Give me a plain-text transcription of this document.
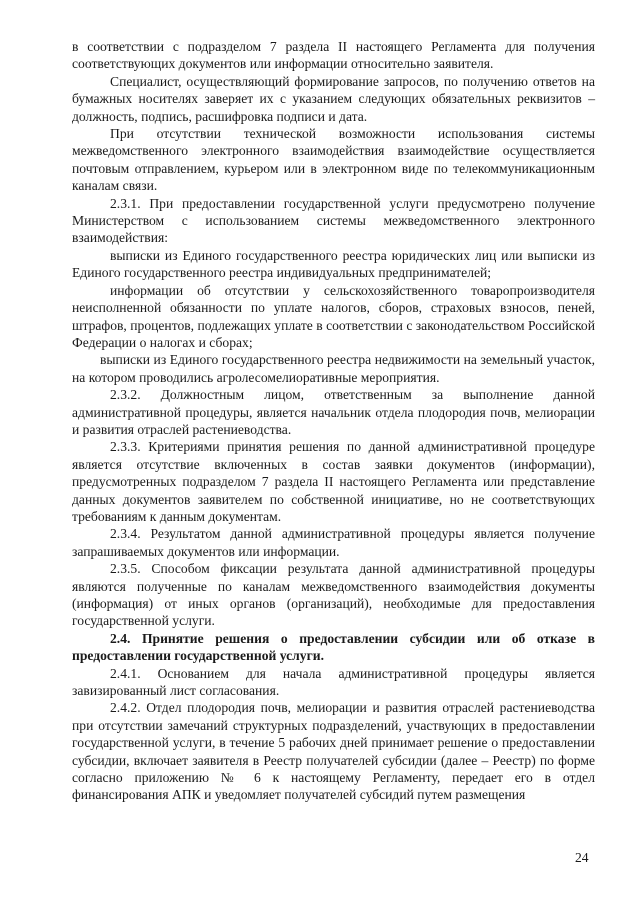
в соответствии с подразделом 7 раздела II настоящего Регламента для получения соответствующих документов или информации относительно заявителя.

Специалист, осуществляющий формирование запросов, по получению ответов на бумажных носителях заверяет их с указанием следующих обязательных реквизитов – должность, подпись, расшифровка подписи и дата.

При отсутствии технической возможности использования системы межведомственного электронного взаимодействия взаимодействие осуществляется почтовым отправлением, курьером или в электронном виде по телекоммуникационным каналам связи.

2.3.1. При предоставлении государственной услуги предусмотрено получение Министерством с использованием системы межведомственного электронного взаимодействия:

выписки из Единого государственного реестра юридических лиц или выписки из Единого государственного реестра индивидуальных предпринимателей;

информации об отсутствии у сельскохозяйственного товаропроизводителя неисполненной обязанности по уплате налогов, сборов, страховых взносов, пеней, штрафов, процентов, подлежащих уплате в соответствии с законодательством Российской Федерации о налогах и сборах;

выписки из Единого государственного реестра недвижимости на земельный участок, на котором проводились агролесомелиоративные мероприятия.

2.3.2. Должностным лицом, ответственным за выполнение данной административной процедуры, является начальник отдела плодородия почв, мелиорации и развития отраслей растениеводства.

2.3.3. Критериями принятия решения по данной административной процедуре является отсутствие включенных в состав заявки документов (информации), предусмотренных подразделом 7 раздела II настоящего Регламента или представление данных документов заявителем по собственной инициативе, но не соответствующих требованиям к данным документам.

2.3.4. Результатом данной административной процедуры является получение запрашиваемых документов или информации.

2.3.5. Способом фиксации результата данной административной процедуры являются полученные по каналам межведомственного взаимодействия документы (информация) от иных органов (организаций), необходимые для предоставления государственной услуги.

2.4. Принятие решения о предоставлении субсидии или об отказе в предоставлении государственной услуги.

2.4.1. Основанием для начала административной процедуры является завизированный лист согласования.

2.4.2. Отдел плодородия почв, мелиорации и развития отраслей растениеводства при отсутствии замечаний структурных подразделений, участвующих в предоставлении государственной услуги, в течение 5 рабочих дней принимает решение о предоставлении субсидии, включает заявителя в Реестр получателей субсидии (далее – Реестр) по форме согласно приложению № 6 к настоящему Регламенту, передает его в отдел финансирования АПК и уведомляет получателей субсидий путем размещения

24
